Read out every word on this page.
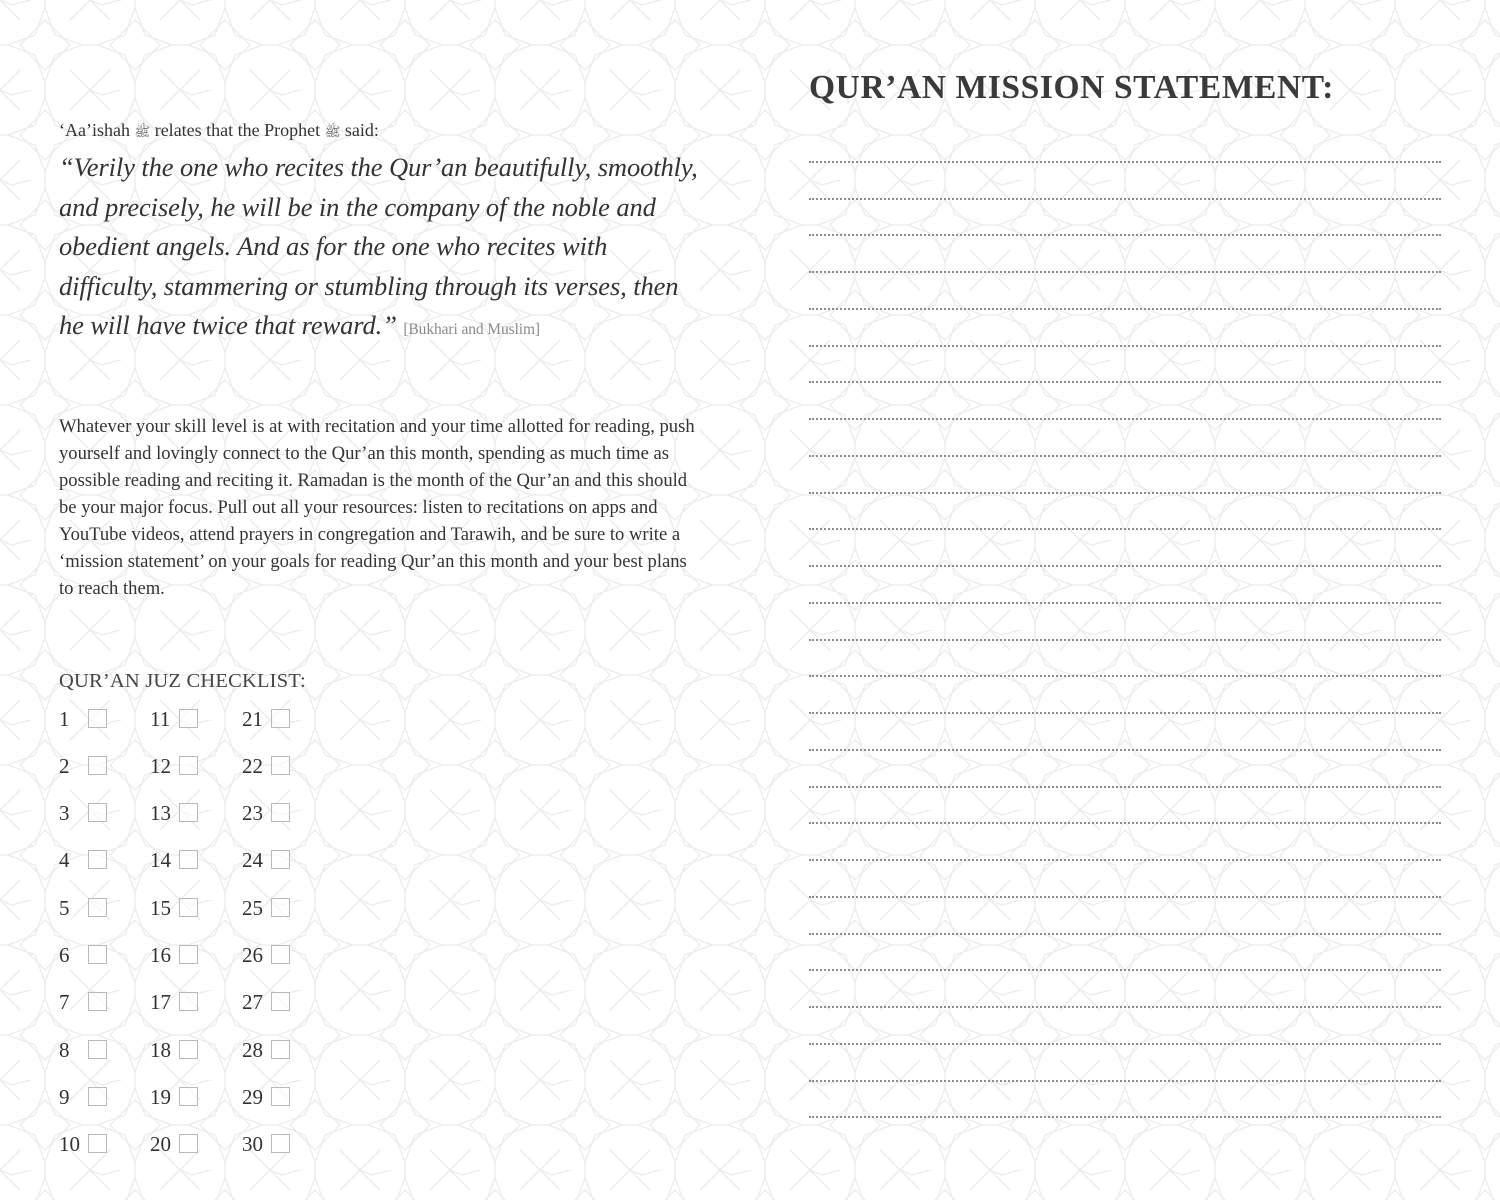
‘Aa’ishah ﷺ relates that the Prophet ﷺ said:

“Verily the one who recites the Qur’an beautifully, smoothly, and precisely, he will be in the company of the noble and obedient angels. And as for the one who recites with difficulty, stammering or stumbling through its verses, then he will have twice that reward.” [Bukhari and Muslim]

Whatever your skill level is at with recitation and your time allotted for reading, push yourself and lovingly connect to the Qur’an this month, spending as much time as possible reading and reciting it. Ramadan is the month of the Qur’an and this should be your major focus. Pull out all your resources: listen to recitations on apps and YouTube videos, attend prayers in congregation and Tarawih, and be sure to write a ‘mission statement’ on your goals for reading Qur’an this month and your best plans to reach them.

QUR’AN JUZ CHECKLIST:
1
2
3
4
5
6
7
8
9
10
11
12
13
14
15
16
17
18
19
20
21
22
23
24
25
26
27
28
29
30
QUR’AN MISSION STATEMENT:
